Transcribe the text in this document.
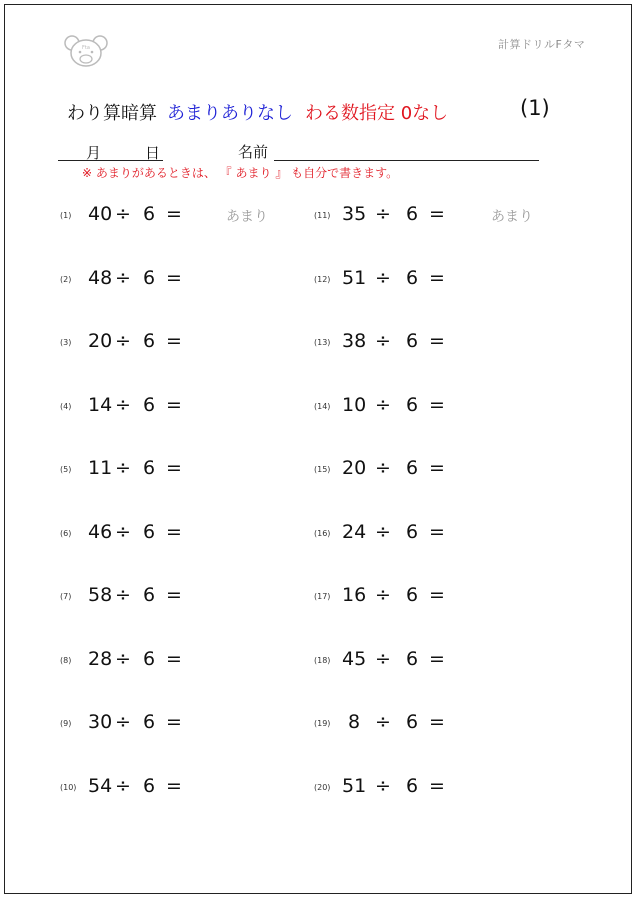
Fta	計算ドリルFタマ
わり算暗算 あまりありなし わる数指定 0なし	(1)
月	日	名前
※ あまりがあるときは、 『 あまり 』 も自分で書きます。
(1) 40 ÷ 6 =	あまり
(2) 48 ÷ 6 =
(3) 20 ÷ 6 =
(4) 14 ÷ 6 =
(5) 11 ÷ 6 =
(6) 46 ÷ 6 =
(7) 58 ÷ 6 =
(8) 28 ÷ 6 =
(9) 30 ÷ 6 =
(10) 54 ÷ 6 =
(11) 35 ÷ 6 =	あまり
(12) 51 ÷ 6 =
(13) 38 ÷ 6 =
(14) 10 ÷ 6 =
(15) 20 ÷ 6 =
(16) 24 ÷ 6 =
(17) 16 ÷ 6 =
(18) 45 ÷ 6 =
(19) 8 ÷ 6 =
(20) 51 ÷ 6 =
